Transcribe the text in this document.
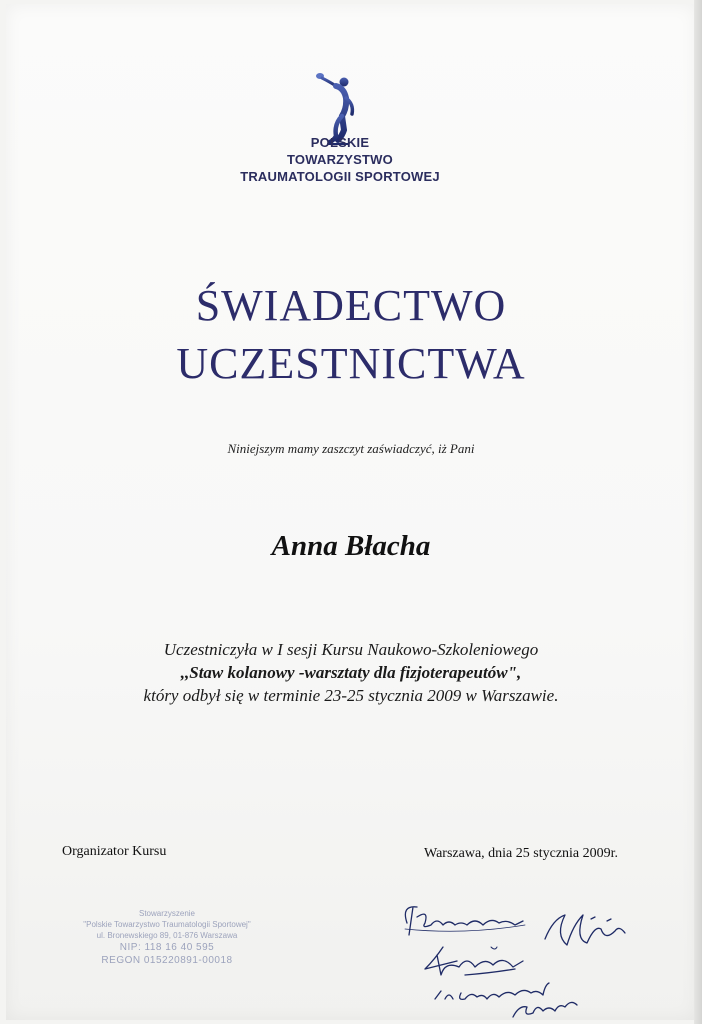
POLSKIE
TOWARZYSTWO
TRAUMATOLOGII SPORTOWEJ
ŚWIADECTWO
UCZESTNICTWA
Niniejszym mamy zaszczyt zaświadczyć, iż Pani
Anna Błacha
Uczestniczyła w I sesji Kursu Naukowo-Szkoleniowego
,,Staw kolanowy -warsztaty dla fizjoterapeutów",
który odbył się w terminie 23-25 stycznia 2009 w Warszawie.
Organizator Kursu	Warszawa, dnia 25 stycznia 2009r.
Stowarzyszenie
"Polskie Towarzystwo Traumatologii Sportowej"
ul. Bronewskiego 89, 01-876 Warszawa
NIP: 118 16 40 595
REGON 015220891-00018
